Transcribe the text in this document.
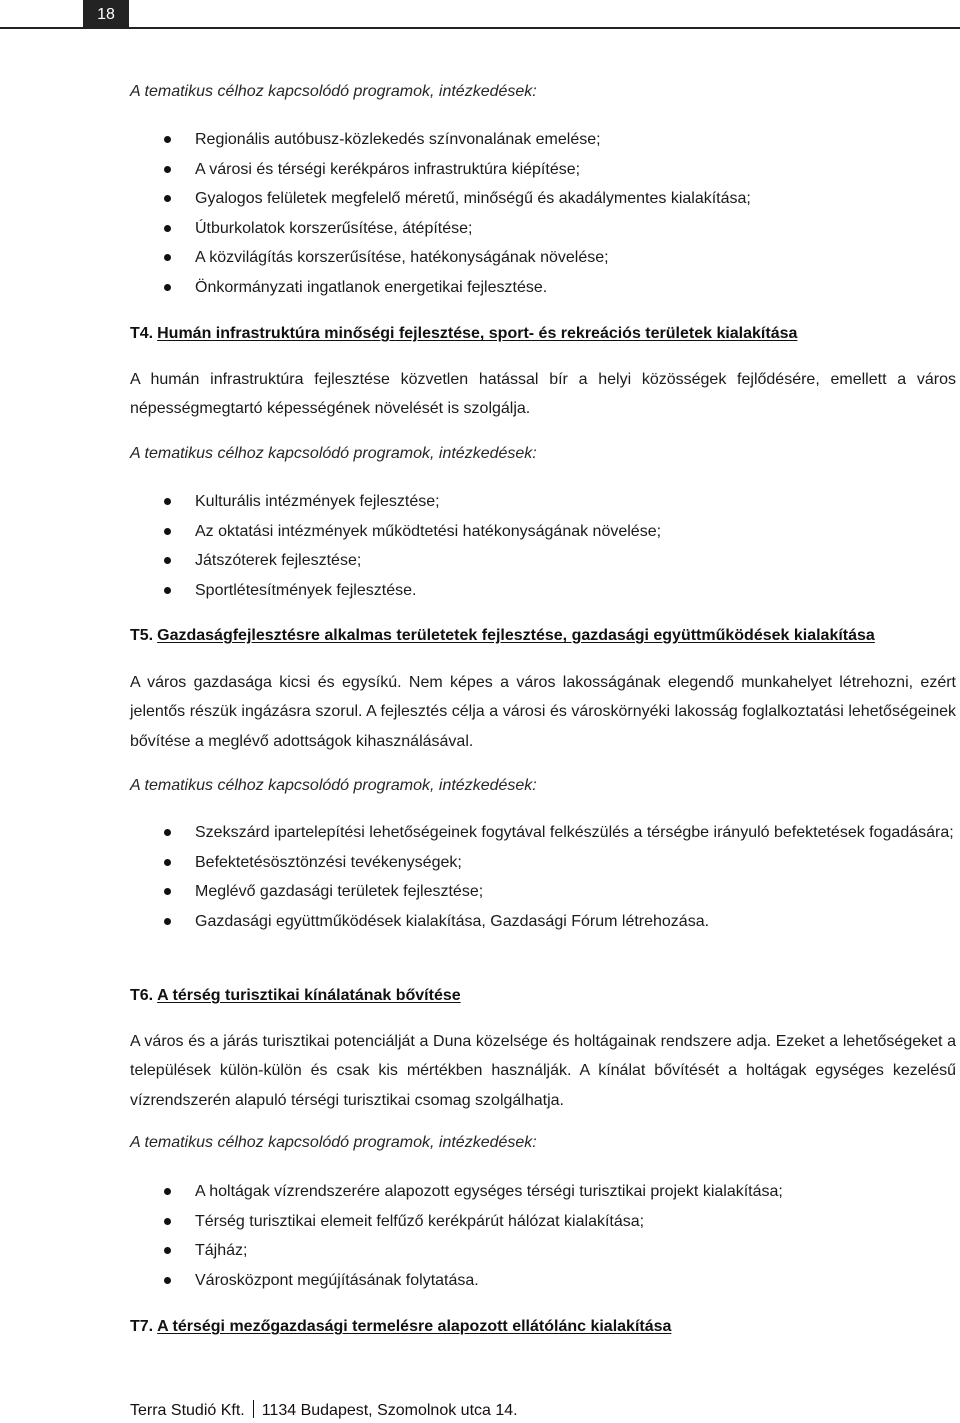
18
A tematikus célhoz kapcsolódó programok, intézkedések:
Regionális autóbusz-közlekedés színvonalának emelése;
A városi és térségi kerékpáros infrastruktúra kiépítése;
Gyalogos felületek megfelelő méretű, minőségű és akadálymentes kialakítása;
Útburkolatok korszerűsítése, átépítése;
A közvilágítás korszerűsítése, hatékonyságának növelése;
Önkormányzati ingatlanok energetikai fejlesztése.
T4. Humán infrastruktúra minőségi fejlesztése, sport- és rekreációs területek kialakítása
A humán infrastruktúra fejlesztése közvetlen hatással bír a helyi közösségek fejlődésére, emellett a város népességmegtartó képességének növelését is szolgálja.
A tematikus célhoz kapcsolódó programok, intézkedések:
Kulturális intézmények fejlesztése;
Az oktatási intézmények működtetési hatékonyságának növelése;
Játszóterek fejlesztése;
Sportlétesítmények fejlesztése.
T5. Gazdaságfejlesztésre alkalmas területetek fejlesztése, gazdasági együttműködések kialakítása
A város gazdasága kicsi és egysíkú. Nem képes a város lakosságának elegendő munkahelyet létrehozni, ezért jelentős részük ingázásra szorul. A fejlesztés célja a városi és városkörnyéki lakosság foglalkoztatási lehetőségeinek bővítése a meglévő adottságok kihasználásával.
A tematikus célhoz kapcsolódó programok, intézkedések:
Szekszárd ipartelepítési lehetőségeinek fogytával felkészülés a térségbe irányuló befektetések fogadására;
Befektetésösztönzési tevékenységek;
Meglévő gazdasági területek fejlesztése;
Gazdasági együttműködések kialakítása, Gazdasági Fórum létrehozása.
T6. A térség turisztikai kínálatának bővítése
A város és a járás turisztikai potenciálját a Duna közelsége és holtágainak rendszere adja. Ezeket a lehetőségeket a települések külön-külön és csak kis mértékben használják. A kínálat bővítését a holtágak egységes kezelésű vízrendszerén alapuló térségi turisztikai csomag szolgálhatja.
A tematikus célhoz kapcsolódó programok, intézkedések:
A holtágak vízrendszerére alapozott egységes térségi turisztikai projekt kialakítása;
Térség turisztikai elemeit felfűző kerékpárút hálózat kialakítása;
Tájház;
Városközpont megújításának folytatása.
T7. A térségi mezőgazdasági termelésre alapozott ellátólánc kialakítása
Terra Studió Kft. 1134 Budapest, Szomolnok utca 14.
